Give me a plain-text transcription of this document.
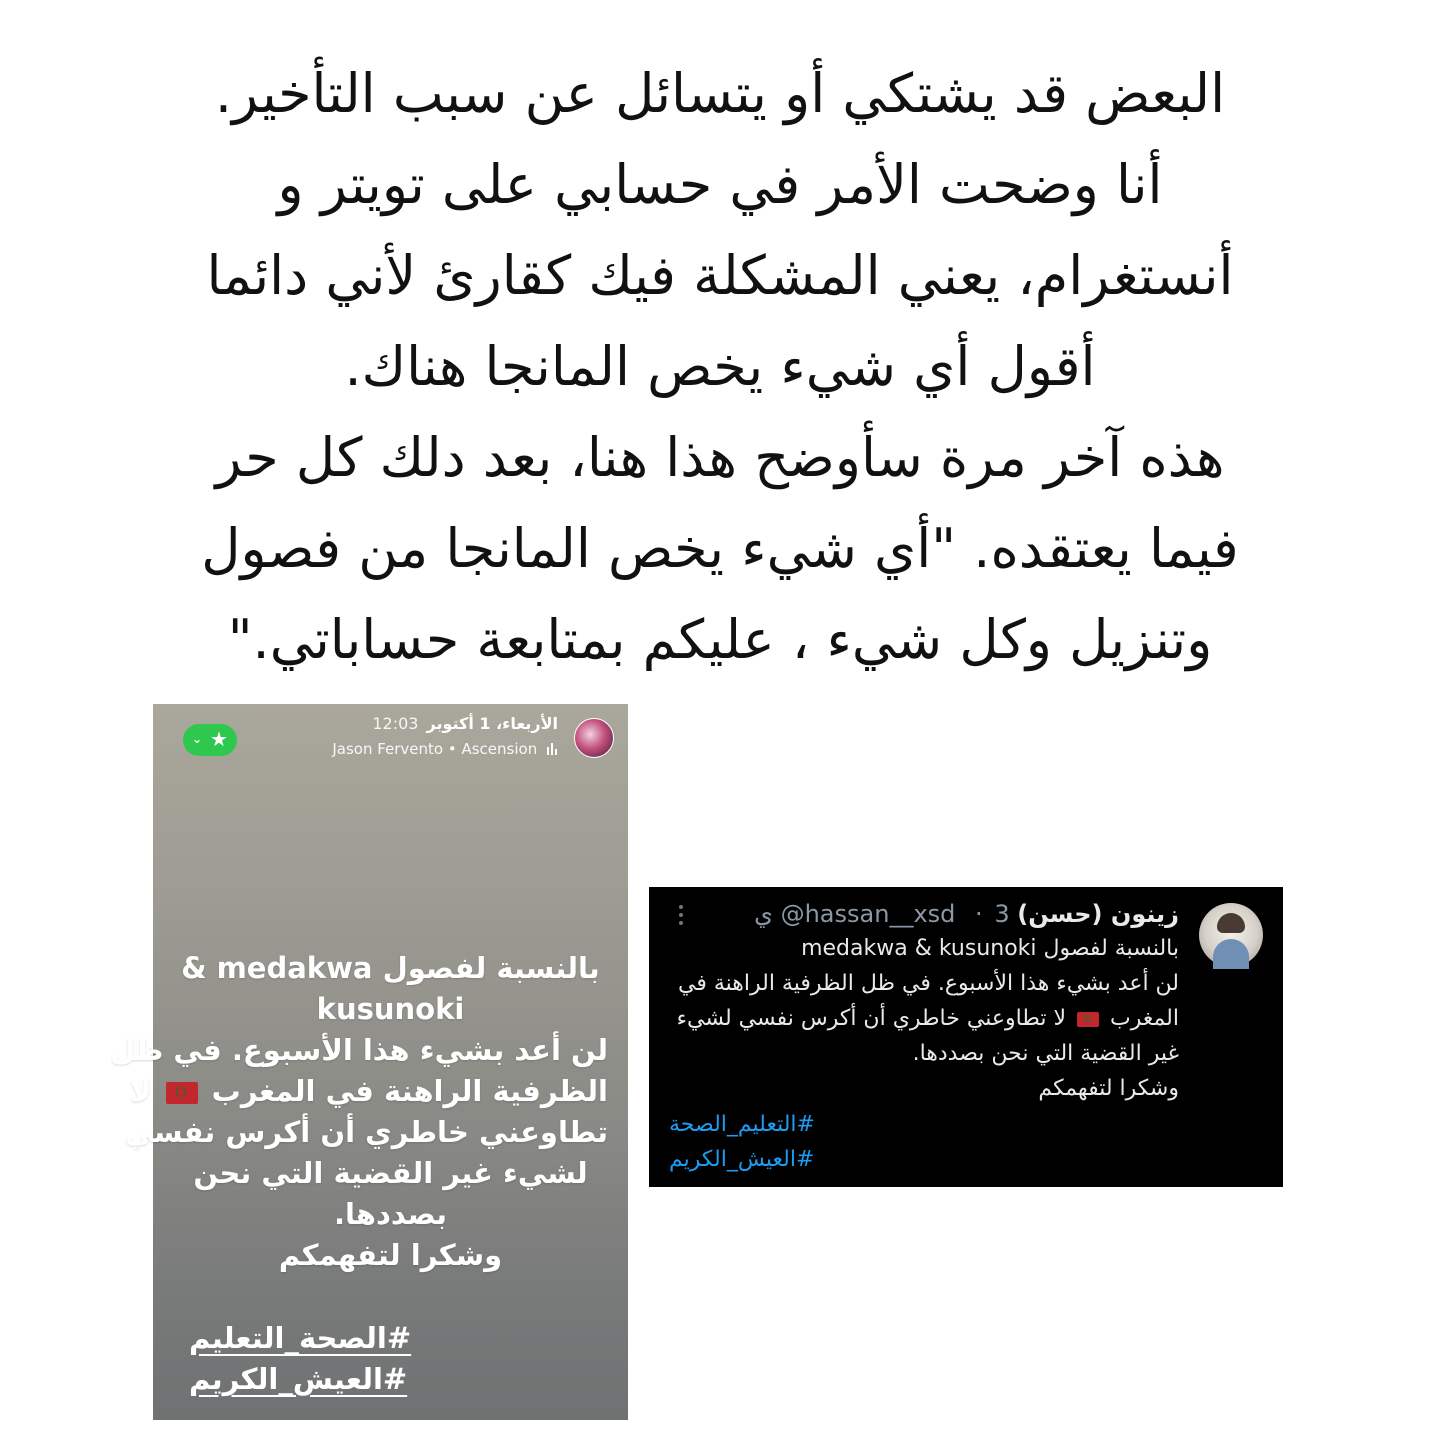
البعض قد يشتكي أو يتسائل عن سبب التأخير.
أنا وضحت الأمر في حسابي على تويتر و
أنستغرام، يعني المشكلة فيك كقارئ لأني دائما
أقول أي شيء يخص المانجا هناك.
هذه آخر مرة سأوضح هذا هنا، بعد دلك كل حر
فيما يعتقده. "أي شيء يخص المانجا من فصول
وتنزيل وكل شيء ، عليكم بمتابعة حساباتي."
الأربعاء، 1 أكتوبر12:03
Jason Fervento • Ascension
★
⌄
بالنسبة لفصول medakwa &
kusunoki
لن أعد بشيء هذا الأسبوع. في ظل
الظرفية الراهنة في المغرب  لا
تطاوعني خاطري أن أكرس نفسي
لشيء غير القضية التي نحن
بصددها.
وشكرا لتفهمكم
#الصحة_التعليم
#العيش_الكريم
زينون (حسن) @hassan__xsd · 3 ي
بالنسبة لفصول medakwa & kusunoki
لن أعد بشيء هذا الأسبوع. في ظل الظرفية الراهنة في
المغرب  لا تطاوعني خاطري أن أكرس نفسي لشيء
غير القضية التي نحن بصددها.
وشكرا لتفهمكم
#التعليم_الصحة
#العيش_الكريم
